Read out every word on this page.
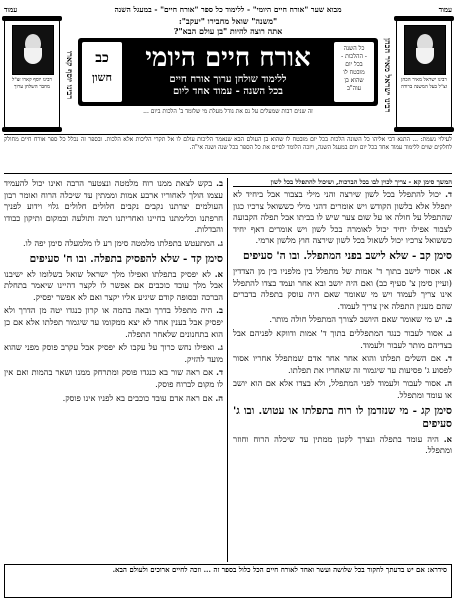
עמוד
מבוא שער "אורח חיים היומי" - ללימוד כל ספר "אורח חיים" - במעגל השנה
עמוד
רבינו ישראל מאיר הכהן זצ"ל בעל המשנה ברורה
רבינו ישראל מאיר הכהן
"משנה" שואל מחבירו "יעקב":
אתה רוצה להיות "בן עולם הבא"?
כל השנה
- ההלכות -
בכל יום
מובטח לו
שהוא בן
עוה"ב
אורח חיים היומי
ללימוד שולחן ערוך אורח חיים
בכל השנה - עמוד אחד ליום
כב
חשון
זה שנים רבות שמעלים על נס את גודל מעלת מי שלומד ב' הלכות ביום ...
רבינו יוסף קארו זצ"ל מחבר השלחן ערוך	רבינו יוסף קארו
לעילוי נשמת: ... התנא דבי אליהו כל השונה הלכות בכל יום מובטח לו שהוא בן העולם הבא שנאמר הליכות עולם לו אל תקרי הליכות אלא הלכות. ובספר זה נכלל כל ספר אורח חיים מחולק לחלקים שוים ללימוד עמוד אחד בכל יום ויום במעגל השנה, ויזכה הלומד לסיים את כל הספר בכל שנה ושנה אי"ה.
המשך סימן קא - צריך לכוין לבו בכל הברכות, ושיכול להתפלל בכל לשון

ד. יכול להתפלל בכל לשון שירצה והני מילי בצבור אבל ביחיד לא יתפלל אלא בלשון הקודש ויש אומרים דהני מילי כששואל צרכיו כגון שהתפלל על חולה או על שום צער שיש לו בביתו אבל תפלה הקבועה לצבור אפילו יחיד יכול לאומרה בכל לשון ויש אומרים דאף יחיד כששואל צרכיו יכול לשאול בכל לשון שירצה חוץ מלשון ארמי.

סימן קב - שלא לישב בפני המתפלל. ובו ה' סעיפים

א. אסור לישב בתוך ד' אמות של מתפלל בין מלפניו בין מן הצדדין (ועיין סימן צ' סעיף כב) ואם היה יושב ובא אחר ועמד בצדו להתפלל אינו צריך לעמוד ויש מי שאומר שאם היה עוסק בתפלה בדברים שהם מענין התפלה אין צריך לעמוד.

ב. יש מי שאומר שאם היושב לצורך המתפלל חולה מותר.

ג. אסור לעבור כנגד המתפללים בתוך ד' אמות ודווקא לפניהם אבל בצדיהם מותר לעבור ולעמוד.

ד. אם השלים תפלתו והוא אחר אחר אדם שמתפלל אחריו אסור לפסוע ג' פסיעות עד שיגמור זה שאחריו את תפלתו.

ה. אסור לעבור ולעמוד לפני המתפלל, ולא בצדו אלא אם הוא יושב או עומד ומתפלל.

סימן קג - מי שנזדמן לו רוח בתפלתו או עטוש. ובו ג' סעיפים

א. היה עומד בתפלה ונצרך לקטן ממתין עד שיכלה הרוח וחוזר ומתפלל.

ב. בקש לצאת ממנו רוח מלמטה ונצטער הרבה ואינו יכול להעמיד עצמו הולך לאחוריו ארבע אמות וממתין עד שיכלה הרוח ואומר רבון העולמים יצרתנו נקבים נקבים חלולים חלולים גלוי וידוע לפניך חרפתנו וכלימתנו בחיינו ואחריתנו רמה ותולעה ובמקום ותיקון כבודו והבדלות.

ג. המתעטש בתפלתו מלמטה סימן רע לו מלמעלה סימן יפה לו.

סימן קד - שלא להפסיק בתפלה. ובו ח' סעיפים

א. לא יפסיק בתפלתו ואפילו מלך ישראל שואל בשלומו לא ישיבנו אבל מלך עובד כוכבים אם אפשר לו לקצר דהיינו שיאמר בתחלת הברכה ובסופה קודם שיגיע אליו יקצר ואם לא אפשר יפסיק.

ב. היה מתפלל בדרך ובאה בהמה או קרון כנגדו יטה מן הדרך ולא יפסיק אבל בענין אחר לא יצא ממקומו עד שיגמור תפלתו אלא אם כן הוא בתחנונים שלאחר התפלה.

ג. ואפילו נחש כרוך על עקבו לא יפסיק אבל עקרב פוסק מפני שהוא מועד להזיק.

ד. אם ראה שור בא כנגדו פוסק ומתרחק ממנו ושאר בהמות ואם אין לו מקום לברוח פוסק.

ה. אם ראה אדם עובד כוכבים בא לפניו אינו פוסק.

סידרא: אם יש בדעתך לחקור בכל שלושה ועשר ואחד לאורח חיים הכל כלול בספר זה ... וזכה לחיים ארוכים ולעולם הבא.
